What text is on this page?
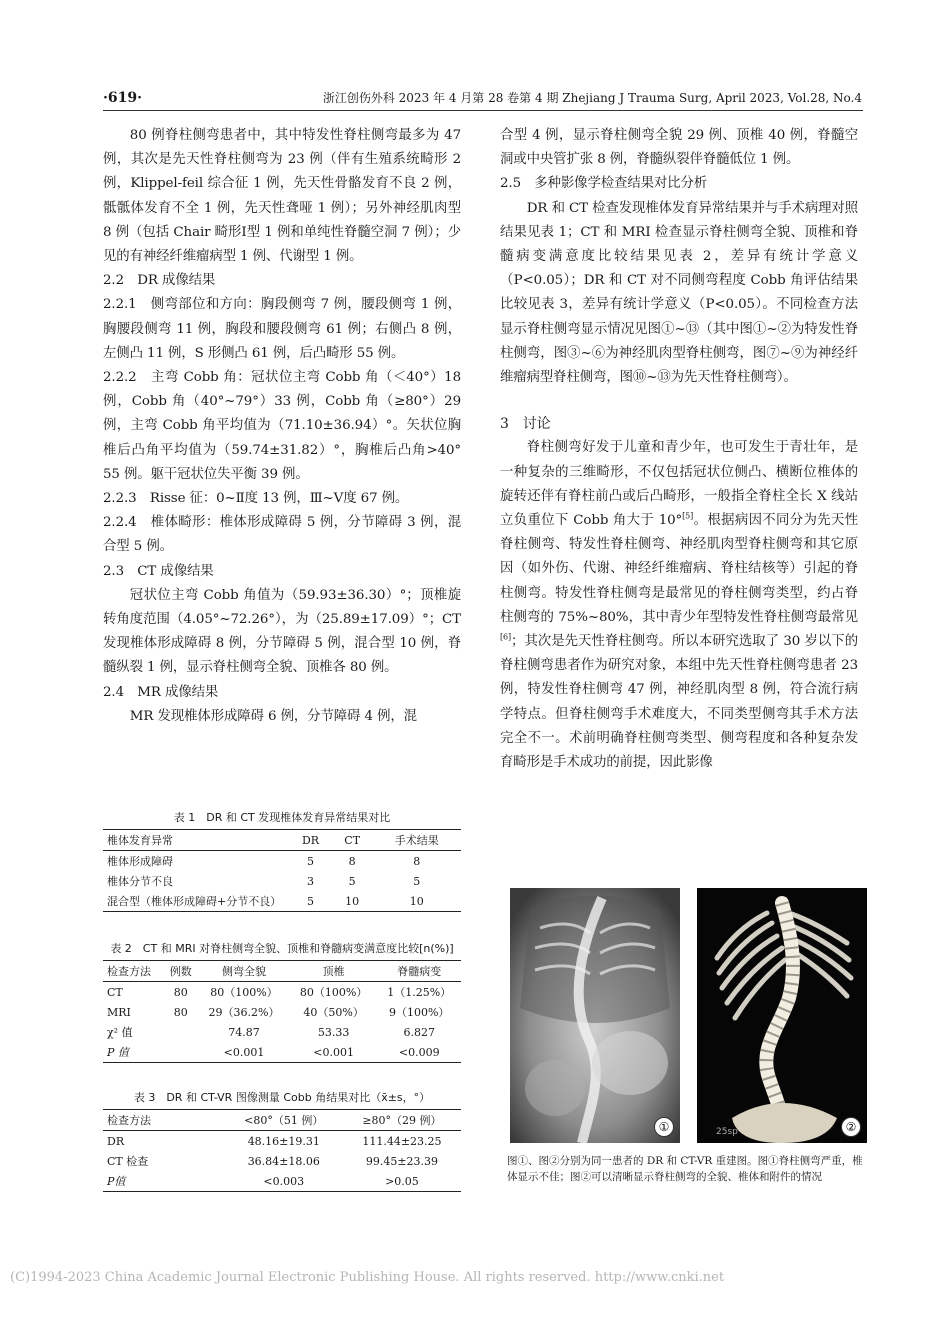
·619·	浙江创伤外科 2023 年 4 月第 28 卷第 4 期 Zhejiang J Trauma Surg, April 2023, Vol.28, No.4

80 例脊柱侧弯患者中，其中特发性脊柱侧弯最多为 47 例，其次是先天性脊柱侧弯为 23 例（伴有生殖系统畸形 2 例，Klippel-feil 综合征 1 例，先天性骨骼发育不良 2 例，骶骶体发育不全 1 例，先天性聋哑 1 例）；另外神经肌肉型 8 例（包括 Chair 畸形Ⅰ型 1 例和单纯性脊髓空洞 7 例）；少见的有神经纤维瘤病型 1 例、代谢型 1 例。

2.2　DR 成像结果

2.2.1　侧弯部位和方向：胸段侧弯 7 例，腰段侧弯 1 例，胸腰段侧弯 11 例，胸段和腰段侧弯 61 例；右侧凸 8 例，左侧凸 11 例，S 形侧凸 61 例，后凸畸形 55 例。

2.2.2　主弯 Cobb 角：冠状位主弯 Cobb 角（＜40°）18 例，Cobb 角（40°~79°）33 例，Cobb 角（≥80°）29 例，主弯 Cobb 角平均值为（71.10±36.94）°。矢状位胸椎后凸角平均值为（59.74±31.82）°，胸椎后凸角>40° 55 例。躯干冠状位失平衡 39 例。

2.2.3　Risse 征：0~Ⅱ度 13 例，Ⅲ~Ⅴ度 67 例。

2.2.4　椎体畸形：椎体形成障碍 5 例，分节障碍 3 例，混合型 5 例。

2.3　CT 成像结果

冠状位主弯 Cobb 角值为（59.93±36.30）°；顶椎旋转角度范围（4.05°~72.26°），为（25.89±17.09）°；CT 发现椎体形成障碍 8 例，分节障碍 5 例，混合型 10 例，脊髓纵裂 1 例，显示脊柱侧弯全貌、顶椎各 80 例。

2.4　MR 成像结果

MR 发现椎体形成障碍 6 例，分节障碍 4 例，混

表 1　DR 和 CT 发现椎体发育异常结果对比
椎体发育异常	DR	CT	手术结果
椎体形成障碍	5	8	8
椎体分节不良	3	5	5
混合型（椎体形成障碍+分节不良）	5	10	10
表 2　CT 和 MRI 对脊柱侧弯全貌、顶椎和脊髓病变满意度比较[n(%)]
检查方法	例数	侧弯全貌	顶椎	脊髓病变
CT	80	80（100%）	80（100%）	1（1.25%）
MRI	80	29（36.2%）	40（50%）	9（100%）
χ² 值		74.87	53.33	6.827
P 值		<0.001	<0.001	<0.009
表 3　DR 和 CT-VR 图像测量 Cobb 角结果对比（x̄±s，°）
检查方法	<80°（51 例）	≥80°（29 例）
DR	48.16±19.31	111.44±23.25
CT 检查	36.84±18.06	99.45±23.39
P值	<0.003	>0.05

合型 4 例，显示脊柱侧弯全貌 29 例、顶椎 40 例，脊髓空洞或中央管扩张 8 例，脊髓纵裂伴脊髓低位 1 例。

2.5　多种影像学检查结果对比分析

DR 和 CT 检查发现椎体发育异常结果并与手术病理对照结果见表 1；CT 和 MRI 检查显示脊柱侧弯全貌、顶椎和脊髓病变满意度比较结果见表 2，差异有统计学意义（P<0.05）；DR 和 CT 对不同侧弯程度 Cobb 角评估结果比较见表 3，差异有统计学意义（P<0.05）。不同检查方法显示脊柱侧弯显示情况见图①~⑬（其中图①~②为特发性脊柱侧弯，图③~⑥为神经肌肉型脊柱侧弯，图⑦~⑨为神经纤维瘤病型脊柱侧弯，图⑩~⑬为先天性脊柱侧弯）。

3　讨论

脊柱侧弯好发于儿童和青少年，也可发生于青壮年，是一种复杂的三维畸形，不仅包括冠状位侧凸、横断位椎体的旋转还伴有脊柱前凸或后凸畸形，一般指全脊柱全长 X 线站立负重位下 Cobb 角大于 10°[5]。根据病因不同分为先天性脊柱侧弯、特发性脊柱侧弯、神经肌肉型脊柱侧弯和其它原因（如外伤、代谢、神经纤维瘤病、脊柱结核等）引起的脊柱侧弯。特发性脊柱侧弯是最常见的脊柱侧弯类型，约占脊柱侧弯的 75%~80%，其中青少年型特发性脊柱侧弯最常见[6]；其次是先天性脊柱侧弯。所以本研究选取了 30 岁以下的脊柱侧弯患者作为研究对象，本组中先天性脊柱侧弯患者 23 例，特发性脊柱侧弯 47 例，神经肌肉型 8 例，符合流行病学特点。但脊柱侧弯手术难度大，不同类型侧弯其手术方法完全不一。术前明确脊柱侧弯类型、侧弯程度和各种复杂发育畸形是手术成功的前提，因此影像

①	②
25sp
图①、图②分别为同一患者的 DR 和 CT-VR 重建图。图①脊柱侧弯严重，椎体显示不佳；图②可以清晰显示脊柱侧弯的全貌、椎体和附件的情况
(C)1994-2023 China Academic Journal Electronic Publishing House. All rights reserved. http://www.cnki.net
